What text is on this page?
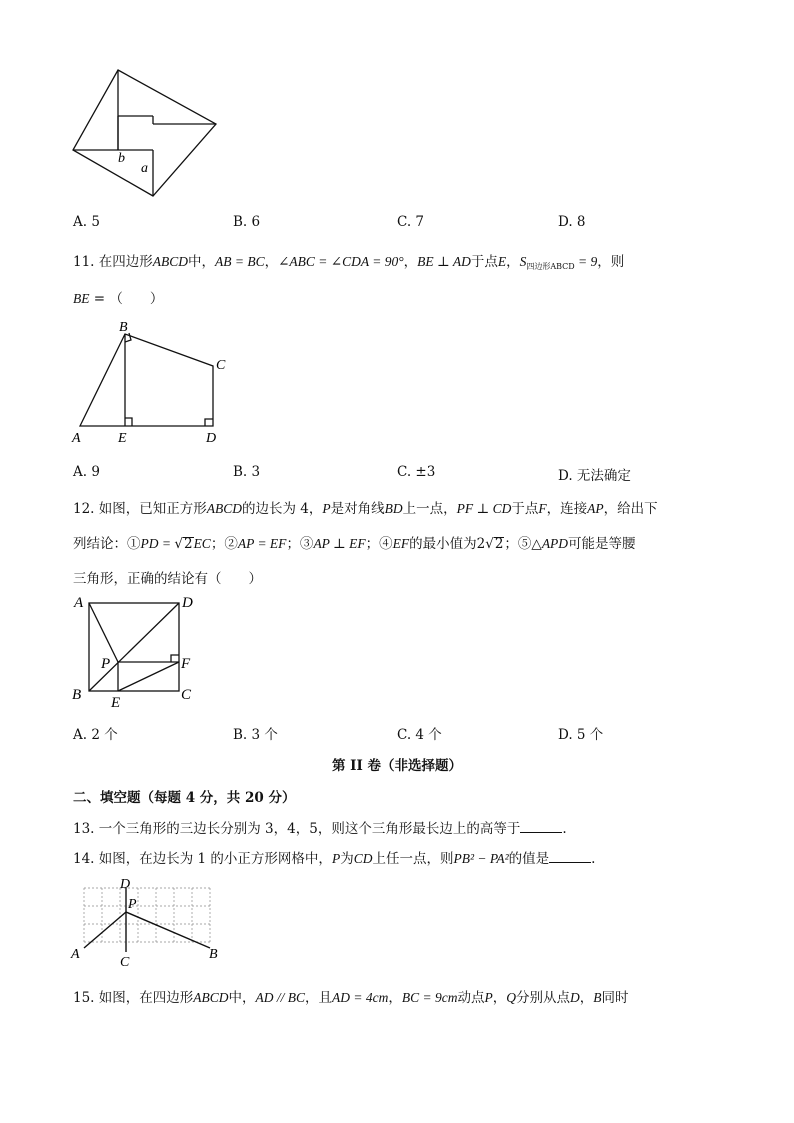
b
a
A. 5	B. 6	C. 7	D. 8
11. 在四边形ABCD中，AB = BC，∠ABC = ∠CDA = 90°，BE ⊥ AD于点E，$S_{四边形ABCD} = 9$，则
BE = （　　）
B
C
A	E	D
A. 9	B. 3	C. ±3	D. 无法确定
12. 如图，已知正方形ABCD的边长为 4，P是对角线BD上一点，PF ⊥ CD于点F，连接AP，给出下
列结论：①PD = √2EC；②AP = EF；③AP ⊥ EF；④EF的最小值为2√2；⑤△APD可能是等腰
三角形，正确的结论有（　　）
A	D
P	F
B E	C
A. 2 个	B. 3 个	C. 4 个	D. 5 个
第 II 卷（非选择题）
二、填空题（每题 4 分，共 20 分）
13. 一个三角形的三边长分别为 3，4，5，则这个三角形最长边上的高等于	.
14. 如图，在边长为 1 的小正方形网格中，P为CD上任一点，则PB² − PA²的值是	.
D
P
A
C
B
15. 如图，在四边形ABCD中，AD // BC，且AD = 4cm，BC = 9cm动点P，Q分别从点D，B同时
